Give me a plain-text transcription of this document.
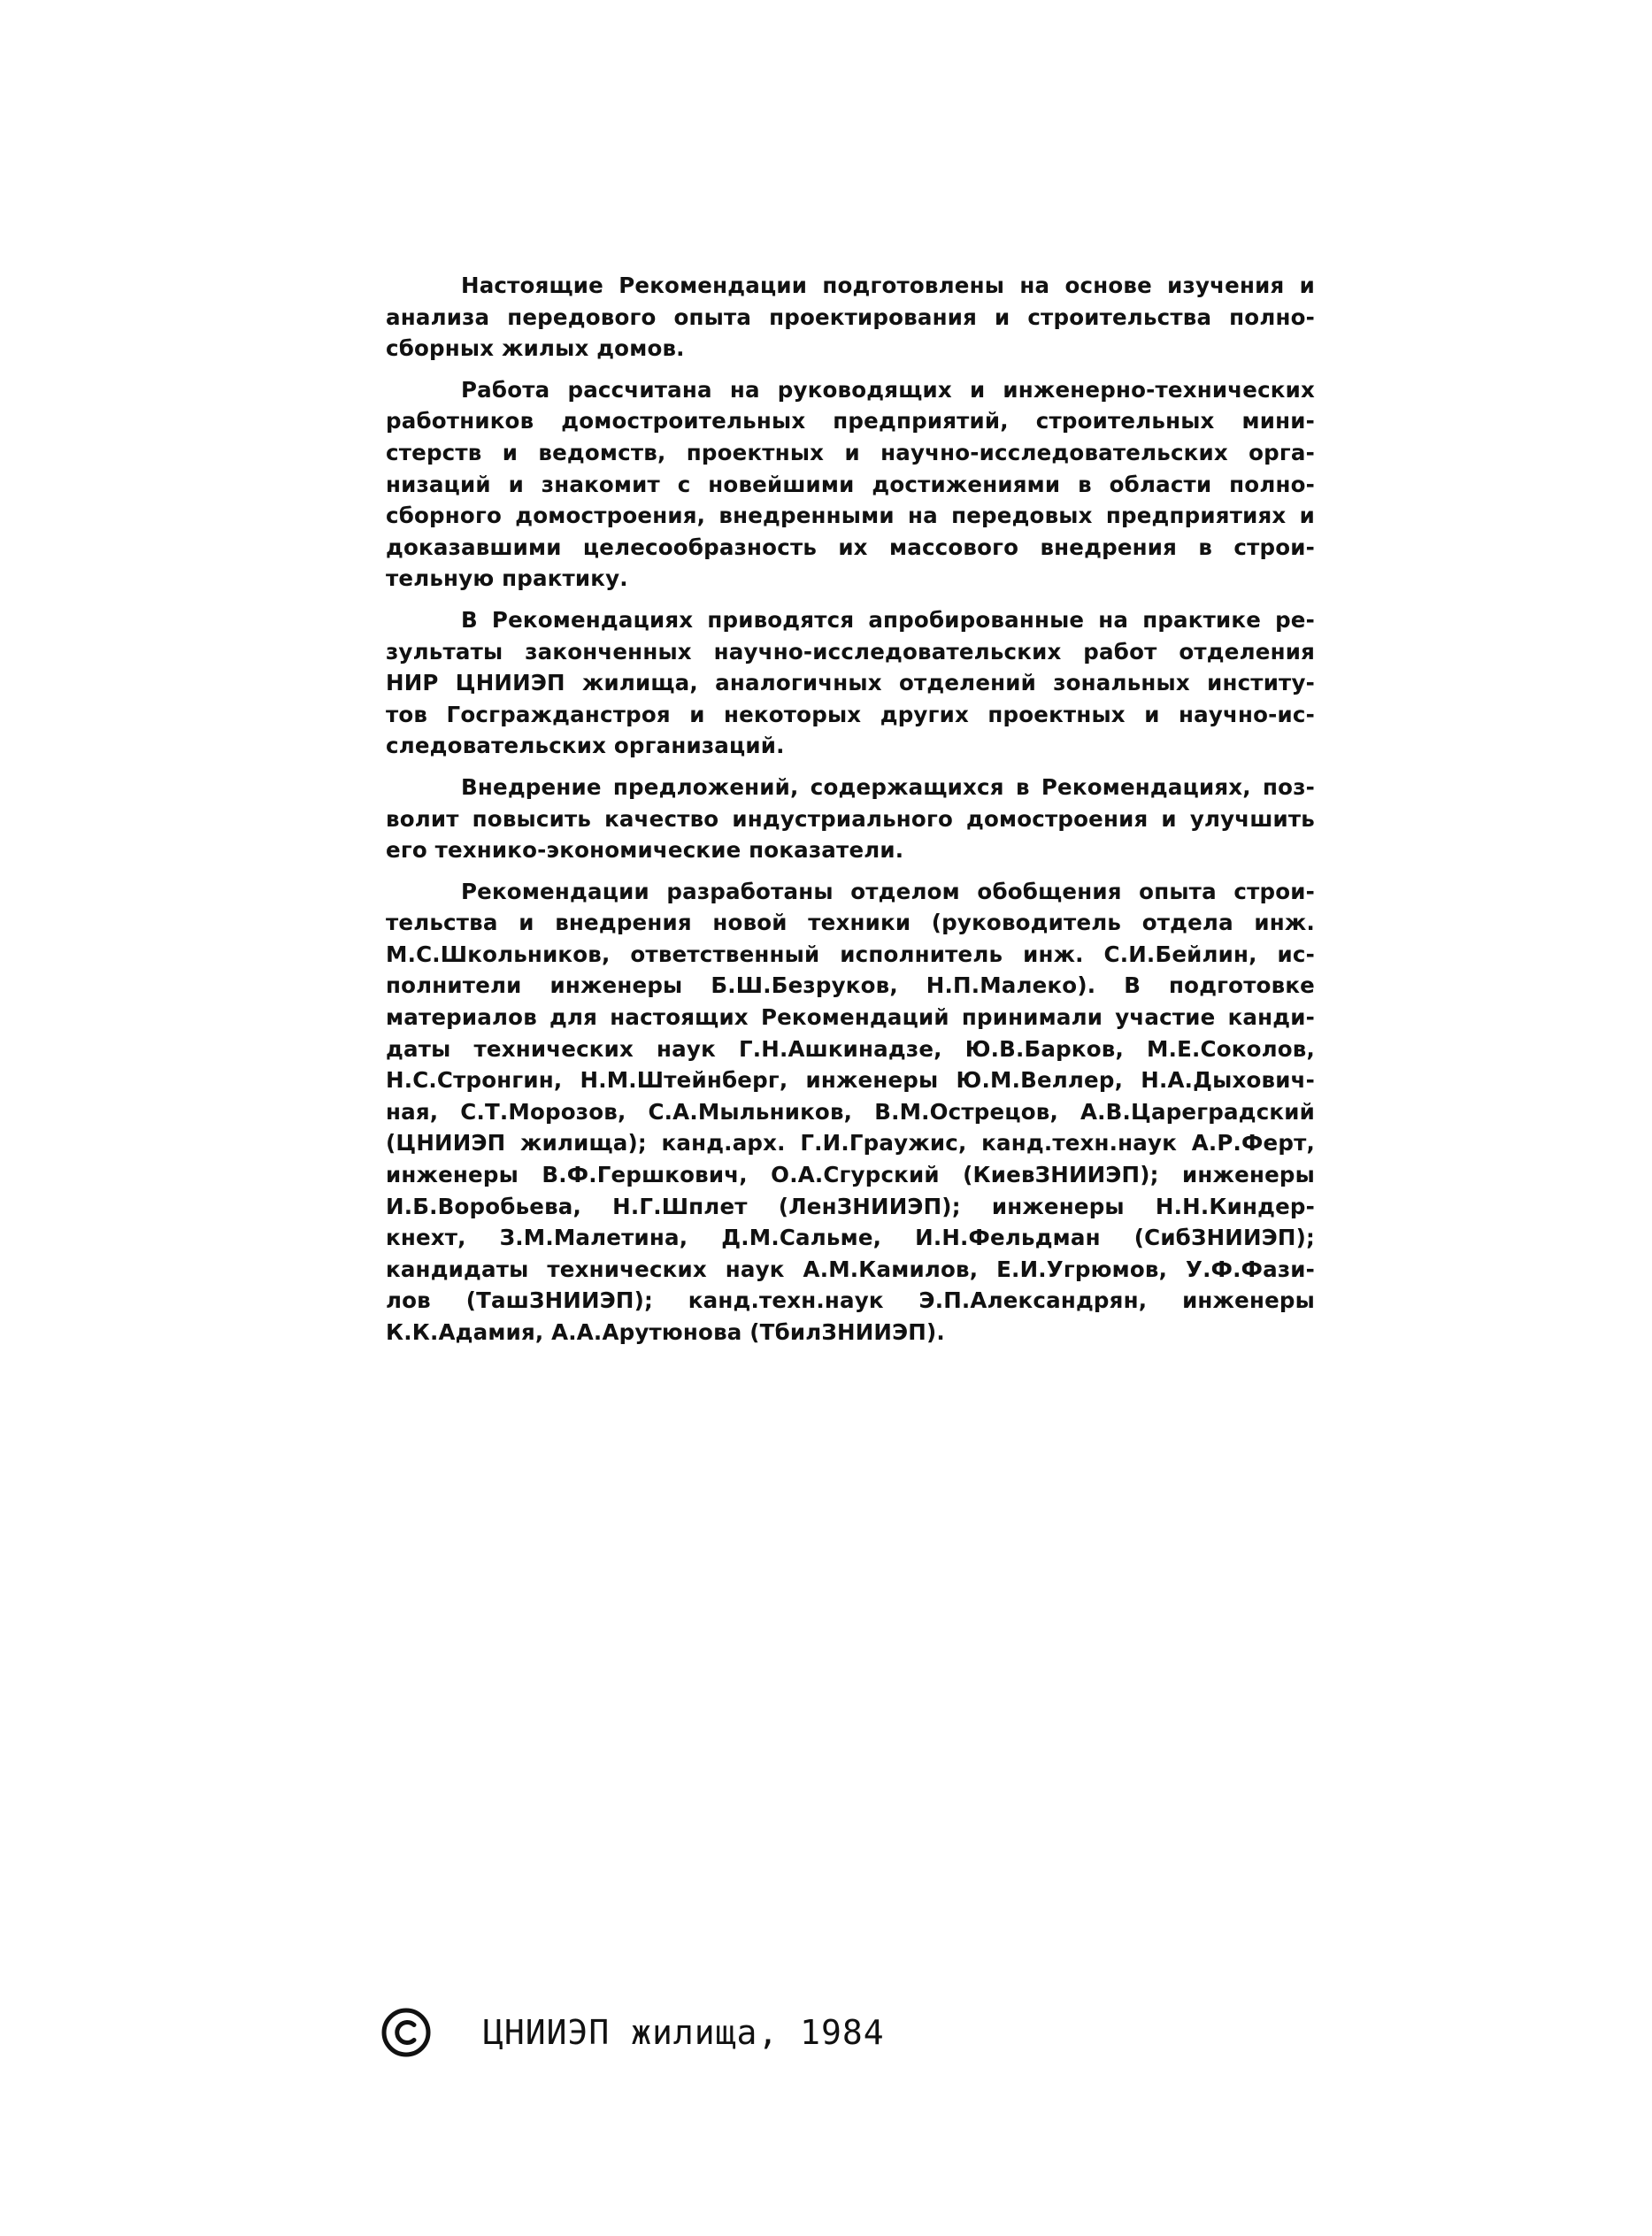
Настоящие Рекомендации подготовлены на основе изучения и
анализа передового опыта проектирования и строительства полно-
сборных жилых домов.
Работа рассчитана на руководящих и инженерно-технических
работников домостроительных предприятий, строительных мини-
стерств и ведомств, проектных и научно-исследовательских орга-
низаций и знакомит с новейшими достижениями в области полно-
сборного домостроения, внедренными на передовых предприятиях и
доказавшими целесообразность их массового внедрения в строи-
тельную практику.
В Рекомендациях приводятся апробированные на практике ре-
зультаты законченных научно-исследовательских работ отделения
НИР ЦНИИЭП жилища, аналогичных отделений зональных институ-
тов Госгражданстроя и некоторых других проектных и научно-ис-
следовательских организаций.
Внедрение предложений, содержащихся в Рекомендациях, поз-
волит повысить качество индустриального домостроения и улучшить
его технико-экономические показатели.
Рекомендации разработаны отделом обобщения опыта строи-
тельства и внедрения новой техники (руководитель отдела инж.
М.С.Школьников, ответственный исполнитель инж. С.И.Бейлин, ис-
полнители инженеры Б.Ш.Безруков, Н.П.Малеко). В подготовке
материалов для настоящих Рекомендаций принимали участие канди-
даты технических наук Г.Н.Ашкинадзе, Ю.В.Барков, М.Е.Соколов,
Н.С.Стронгин, Н.М.Штейнберг, инженеры Ю.М.Веллер, Н.А.Дыхович-
ная, С.Т.Морозов, С.А.Мыльников, В.М.Острецов, А.В.Цареградский
(ЦНИИЭП жилища); канд.арх. Г.И.Граужис, канд.техн.наук А.Р.Ферт,
инженеры В.Ф.Гершкович, О.А.Сгурский (КиевЗНИИЭП); инженеры
И.Б.Воробьева, Н.Г.Шплет (ЛенЗНИИЭП); инженеры Н.Н.Киндер-
кнехт, З.М.Малетина, Д.М.Сальме, И.Н.Фельдман (СибЗНИИЭП);
кандидаты технических наук А.М.Камилов, Е.И.Угрюмов, У.Ф.Фази-
лов (ТашЗНИИЭП); канд.техн.наук Э.П.Александрян, инженеры
К.К.Адамия, А.А.Арутюнова (ТбилЗНИИЭП).
ЦНИИЭП жилища, 1984
